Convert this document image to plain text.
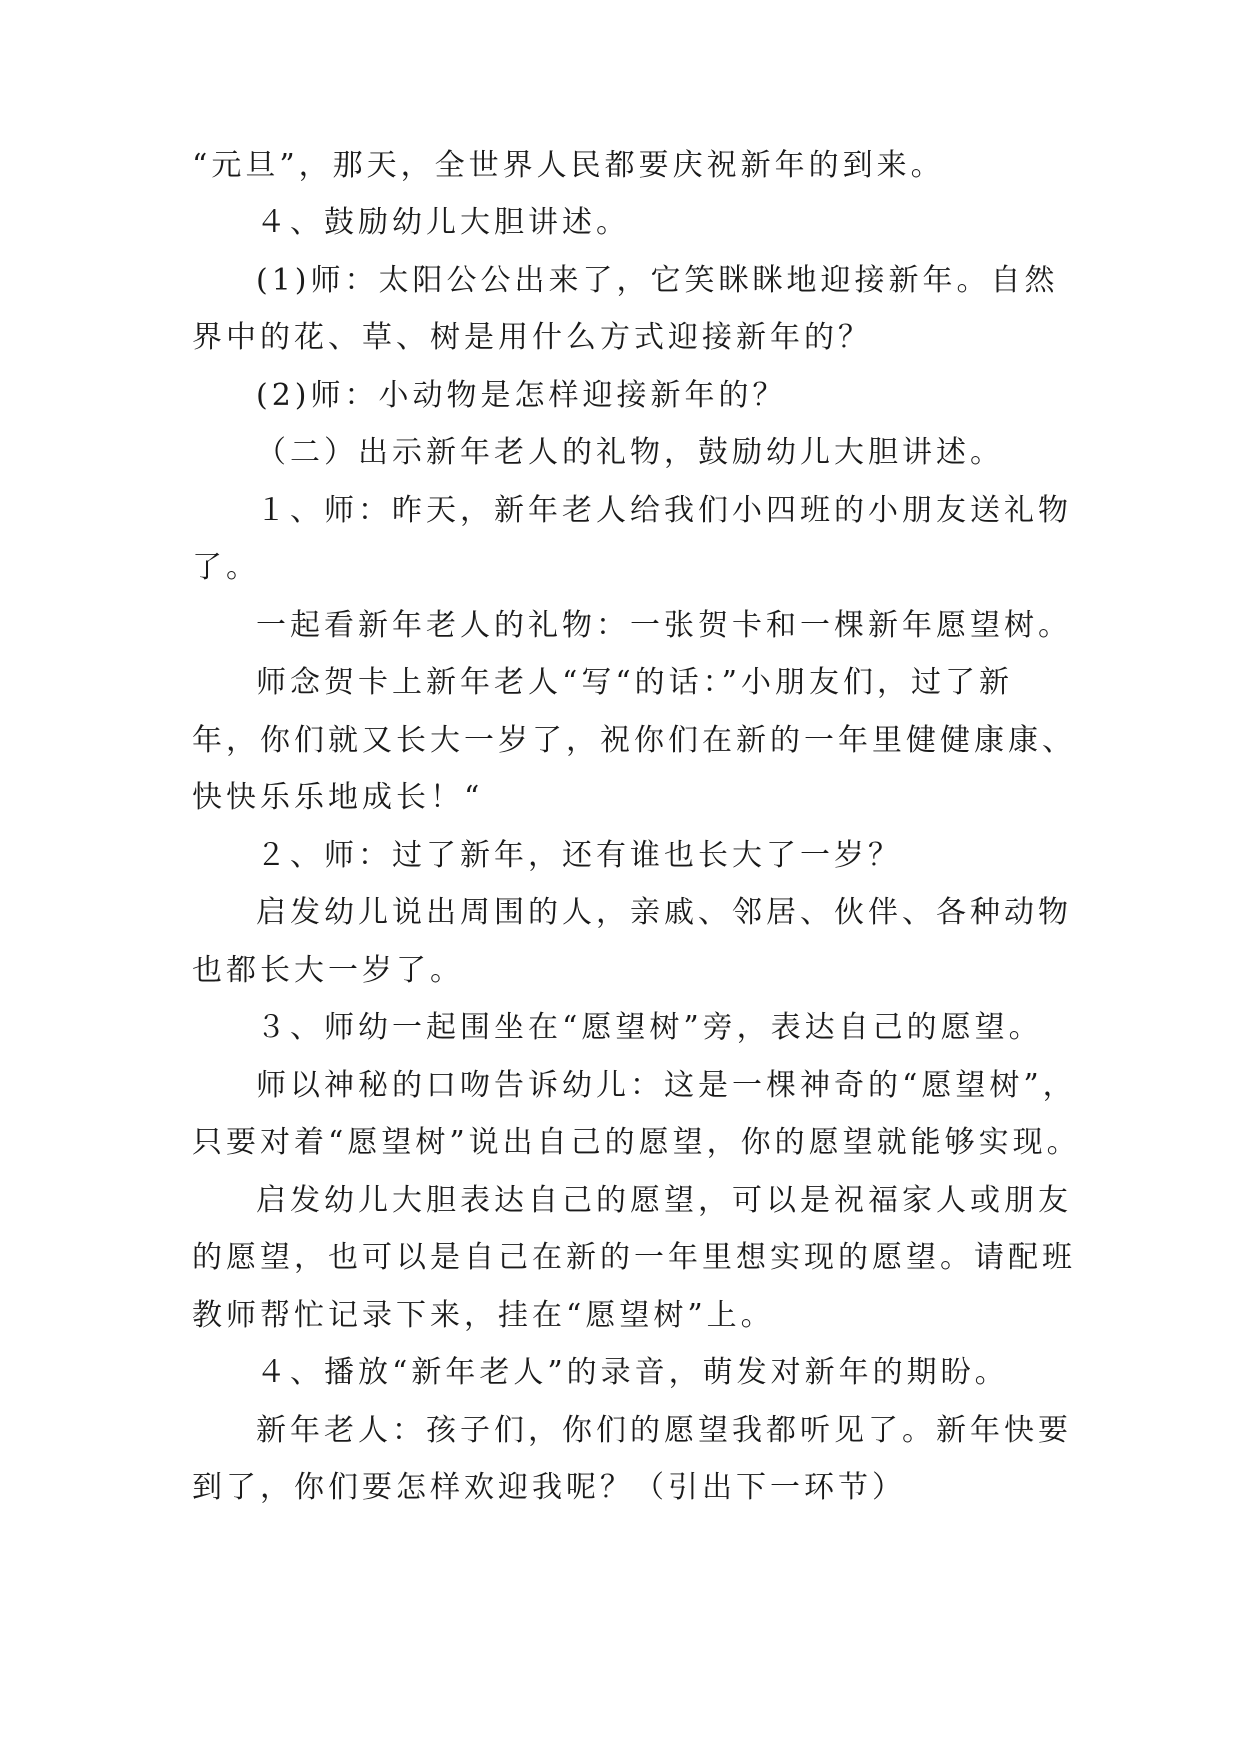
“元旦”，那天，全世界人民都要庆祝新年的到来。
４、鼓励幼儿大胆讲述。
(1)师：太阳公公出来了，它笑眯眯地迎接新年。自然
界中的花、草、树是用什么方式迎接新年的？
(2)师：小动物是怎样迎接新年的？
（二）出示新年老人的礼物，鼓励幼儿大胆讲述。
１、师：昨天，新年老人给我们小四班的小朋友送礼物
了。
一起看新年老人的礼物：一张贺卡和一棵新年愿望树。
师念贺卡上新年老人“写“的话：”小朋友们，过了新
年，你们就又长大一岁了，祝你们在新的一年里健健康康、
快快乐乐地成长！“
２、师：过了新年，还有谁也长大了一岁？
启发幼儿说出周围的人，亲戚、邻居、伙伴、各种动物
也都长大一岁了。
３、师幼一起围坐在“愿望树”旁，表达自己的愿望。
师以神秘的口吻告诉幼儿：这是一棵神奇的“愿望树”，
只要对着“愿望树”说出自己的愿望，你的愿望就能够实现。
启发幼儿大胆表达自己的愿望，可以是祝福家人或朋友
的愿望，也可以是自己在新的一年里想实现的愿望。请配班
教师帮忙记录下来，挂在“愿望树”上。
４、播放“新年老人”的录音，萌发对新年的期盼。
新年老人：孩子们，你们的愿望我都听见了。新年快要
到了，你们要怎样欢迎我呢？（引出下一环节）
